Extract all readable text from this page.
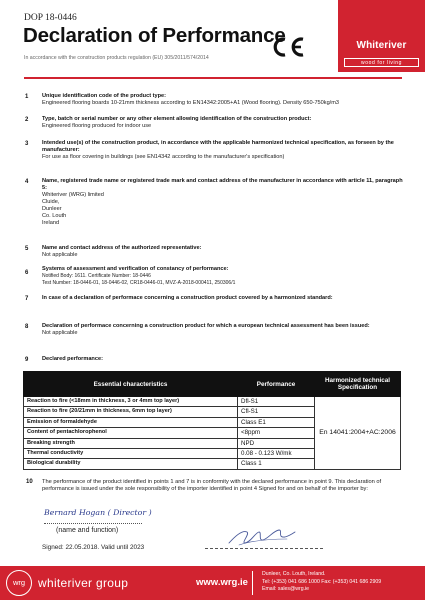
DOP 18-0446
Declaration of Performance
In accordance with the construction products regulation (EU) 305/2011/574/2014
Whiteriver
wood for living
1 Unique identification code of the product type:
Engineered flooring boards 10-21mm thickness according to EN14342:2005+A1 (Wood flooring). Density 650-750kg/m3
2 Type, batch or serial number or any other element allowing identification of the construction product:
Engineered flooring produced for indoor use
3 Intended use(s) of the construction product, in accordance with the applicable harmonized technical specification, as forseen by the manufacturer:
For use as floor covering in buildings (see EN14342 according to the manufacturer's specification)
4 Name, registered trade name or registered trade mark and contact address of the manufacturer in accordance with article 11, paragraph 5:
Whiteriver (WRG) limited
Cluide,
Dunleer
Co. Louth
Ireland
5 Name and contact address of the authorized representative:
Not applicable
6
Systems of assessment and verification of constancy of performance:
Notified Body: 1611. Certificate Number: 18-0446
Test Number: 18-0446-01, 18-0446-02, CR18-0446-01, MVZ-A-2018-000411, 250306/1
7 In case of a declaration of performace concerning a construction product covered by a harmonized standard:
8 Declaration of performace concerning a construction product for which a european technical assessment has been issued:
Not applicable
9 Declared performance:
Essential characteristics	Performance	Harmonized technical Specification
Reaction to fire (<18mm in thickness, 3 or 4mm top layer)	Dfl-S1	En 14041:2004+AC:2006
Reaction to fire (20/21mm in thickness, 6mm top layer)	Cfl-S1	
Emission of formaldehyde	Class E1	
Content of pentachlorophenol	<8ppm	
Breaking strength	NPD	
Thermal conductivity	0.08 - 0.123 W/mk	
Biological durability	Class 1	
10 The performance of the product identified in points 1 and 7 is in conformity with the declared performance in point 9. This declaration of performance is issued under the sole responsibility of the importer identified in point 4 Signed for and on behalf of the importer by:
Bernard Hogan ( Director )
(name and function)
Signed: 22.05.2018. Valid until 2023
wrg	whiteriver group	www.wrg.ie
Dunleer, Co. Louth, Ireland.
Tel: (+353) 041 686 1000 Fax: (+353) 041 686 2909
Email: sales@wrg.ie
